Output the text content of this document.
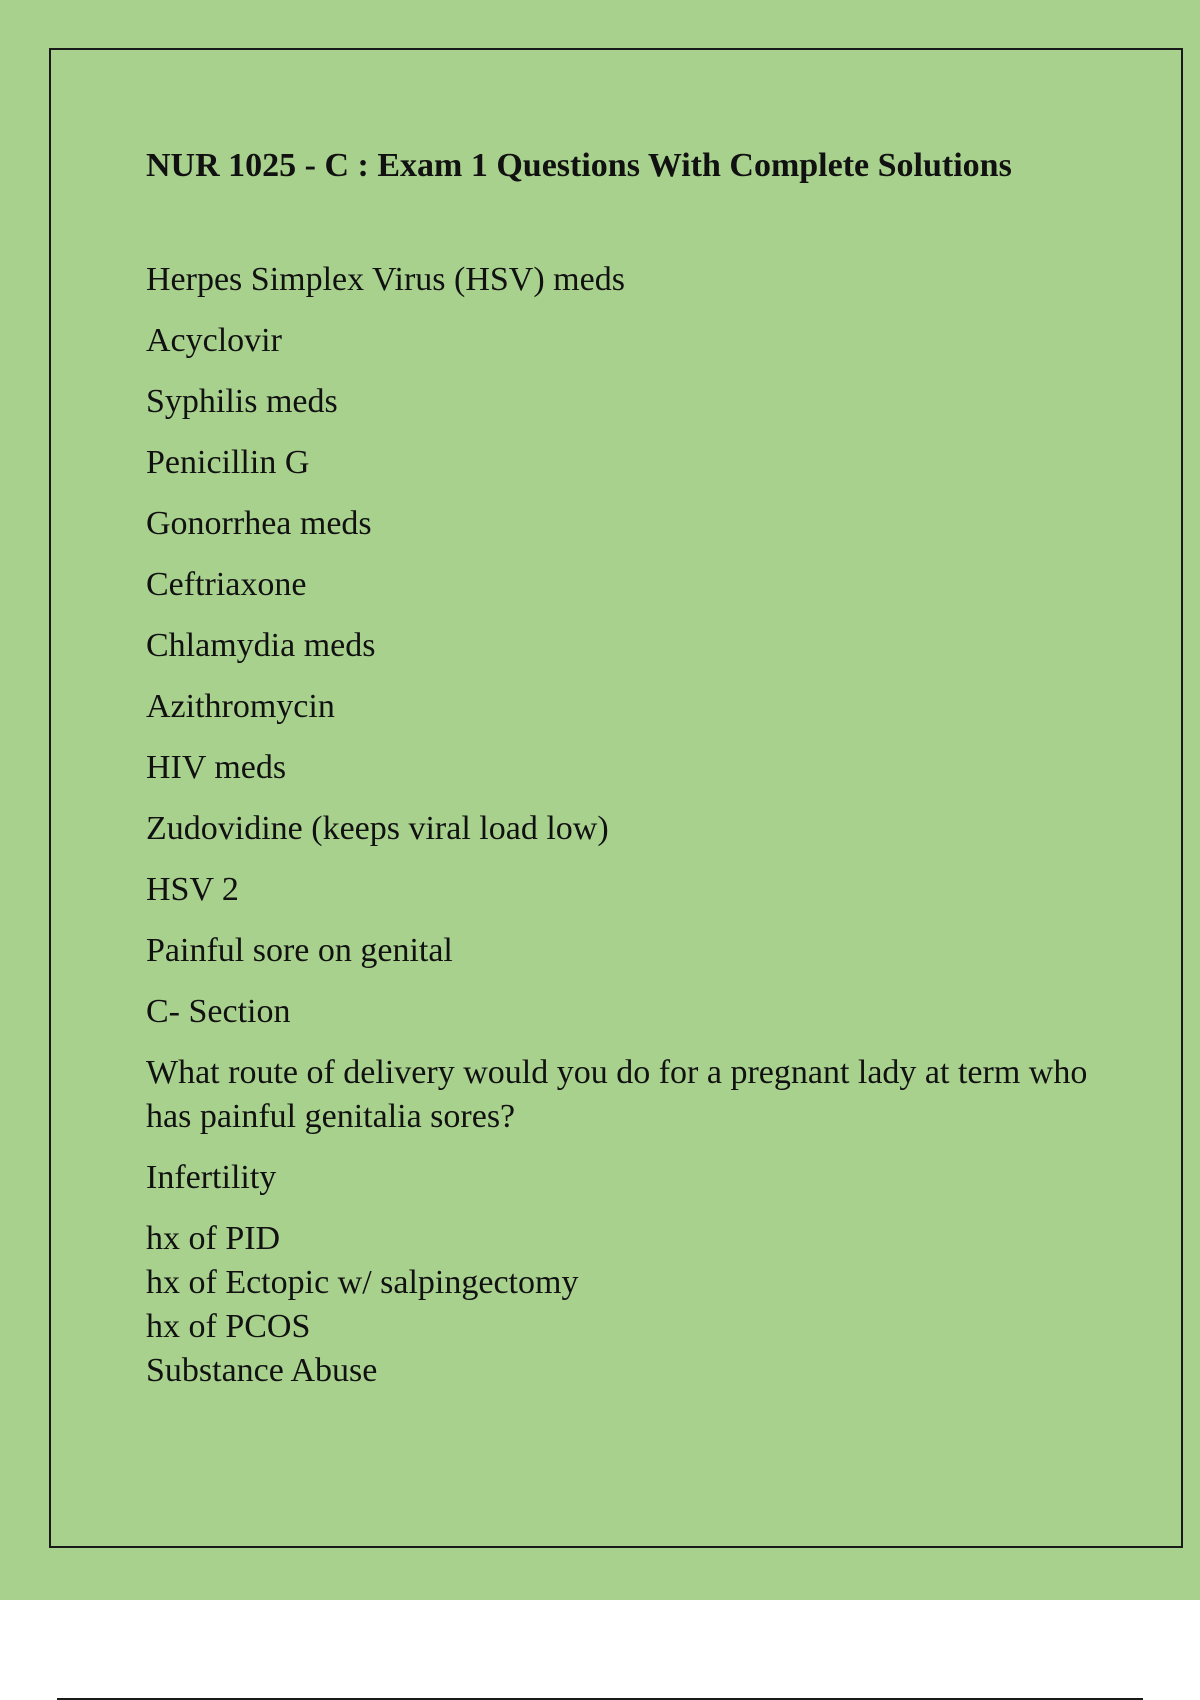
NUR 1025 - C : Exam 1 Questions With Complete Solutions
Herpes Simplex Virus (HSV) meds
Acyclovir
Syphilis meds
Penicillin G
Gonorrhea meds
Ceftriaxone
Chlamydia meds
Azithromycin
HIV meds
Zudovidine (keeps viral load low)
HSV 2
Painful sore on genital
C- Section
What route of delivery would you do for a pregnant lady at term who has painful genitalia sores?
Infertility
hx of PID
hx of Ectopic w/ salpingectomy
hx of PCOS
Substance Abuse
